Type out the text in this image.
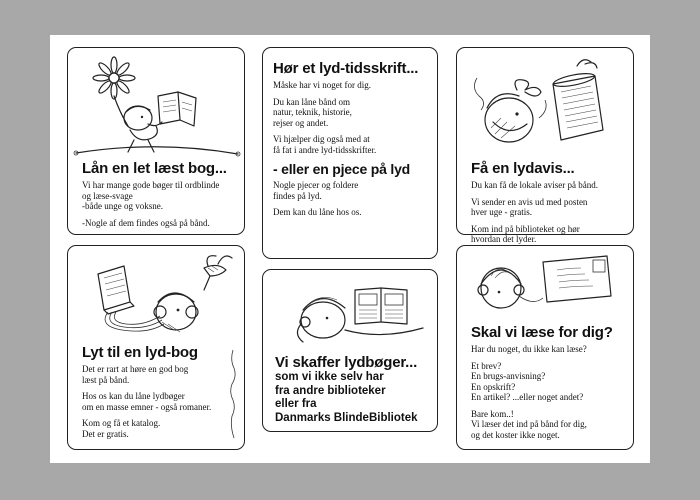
Lån en let læst bog...

Vi har mange gode bøger til ordblinde
og læse-svage
-både unge og voksne.

-Nogle af dem findes også på bånd.

Hør et lyd-tidsskrift...

Måske har vi noget for dig.

Du kan låne bånd om
natur, teknik, historie,
rejser og andet.

Vi hjælper dig også med at
få fat i andre lyd-tidsskrifter.

- eller en pjece på lyd

Nogle pjecer og foldere
findes på lyd.

Dem kan du låne hos os.

Få en lydavis...

Du kan få de lokale aviser på bånd.

Vi sender en avis ud med posten
hver uge - gratis.

Kom ind på biblioteket og hør
hvordan det lyder.

Lyt til en lyd-bog

Det er rart at høre en god bog
læst på bånd.

Hos os kan du låne lydbøger
om en masse emner - også romaner.

Kom og få et katalog.
Det er gratis.

Vi skaffer lydbøger...

som vi ikke selv har
fra andre biblioteker
eller fra
Danmarks BlindeBibliotek

Skal vi læse for dig?

Har du noget, du ikke kan læse?

Et brev?
En brugs-anvisning?
En opskrift?
En artikel? ...eller noget andet?

Bare kom..!
Vi læser det ind på bånd for dig,
og det koster ikke noget.
